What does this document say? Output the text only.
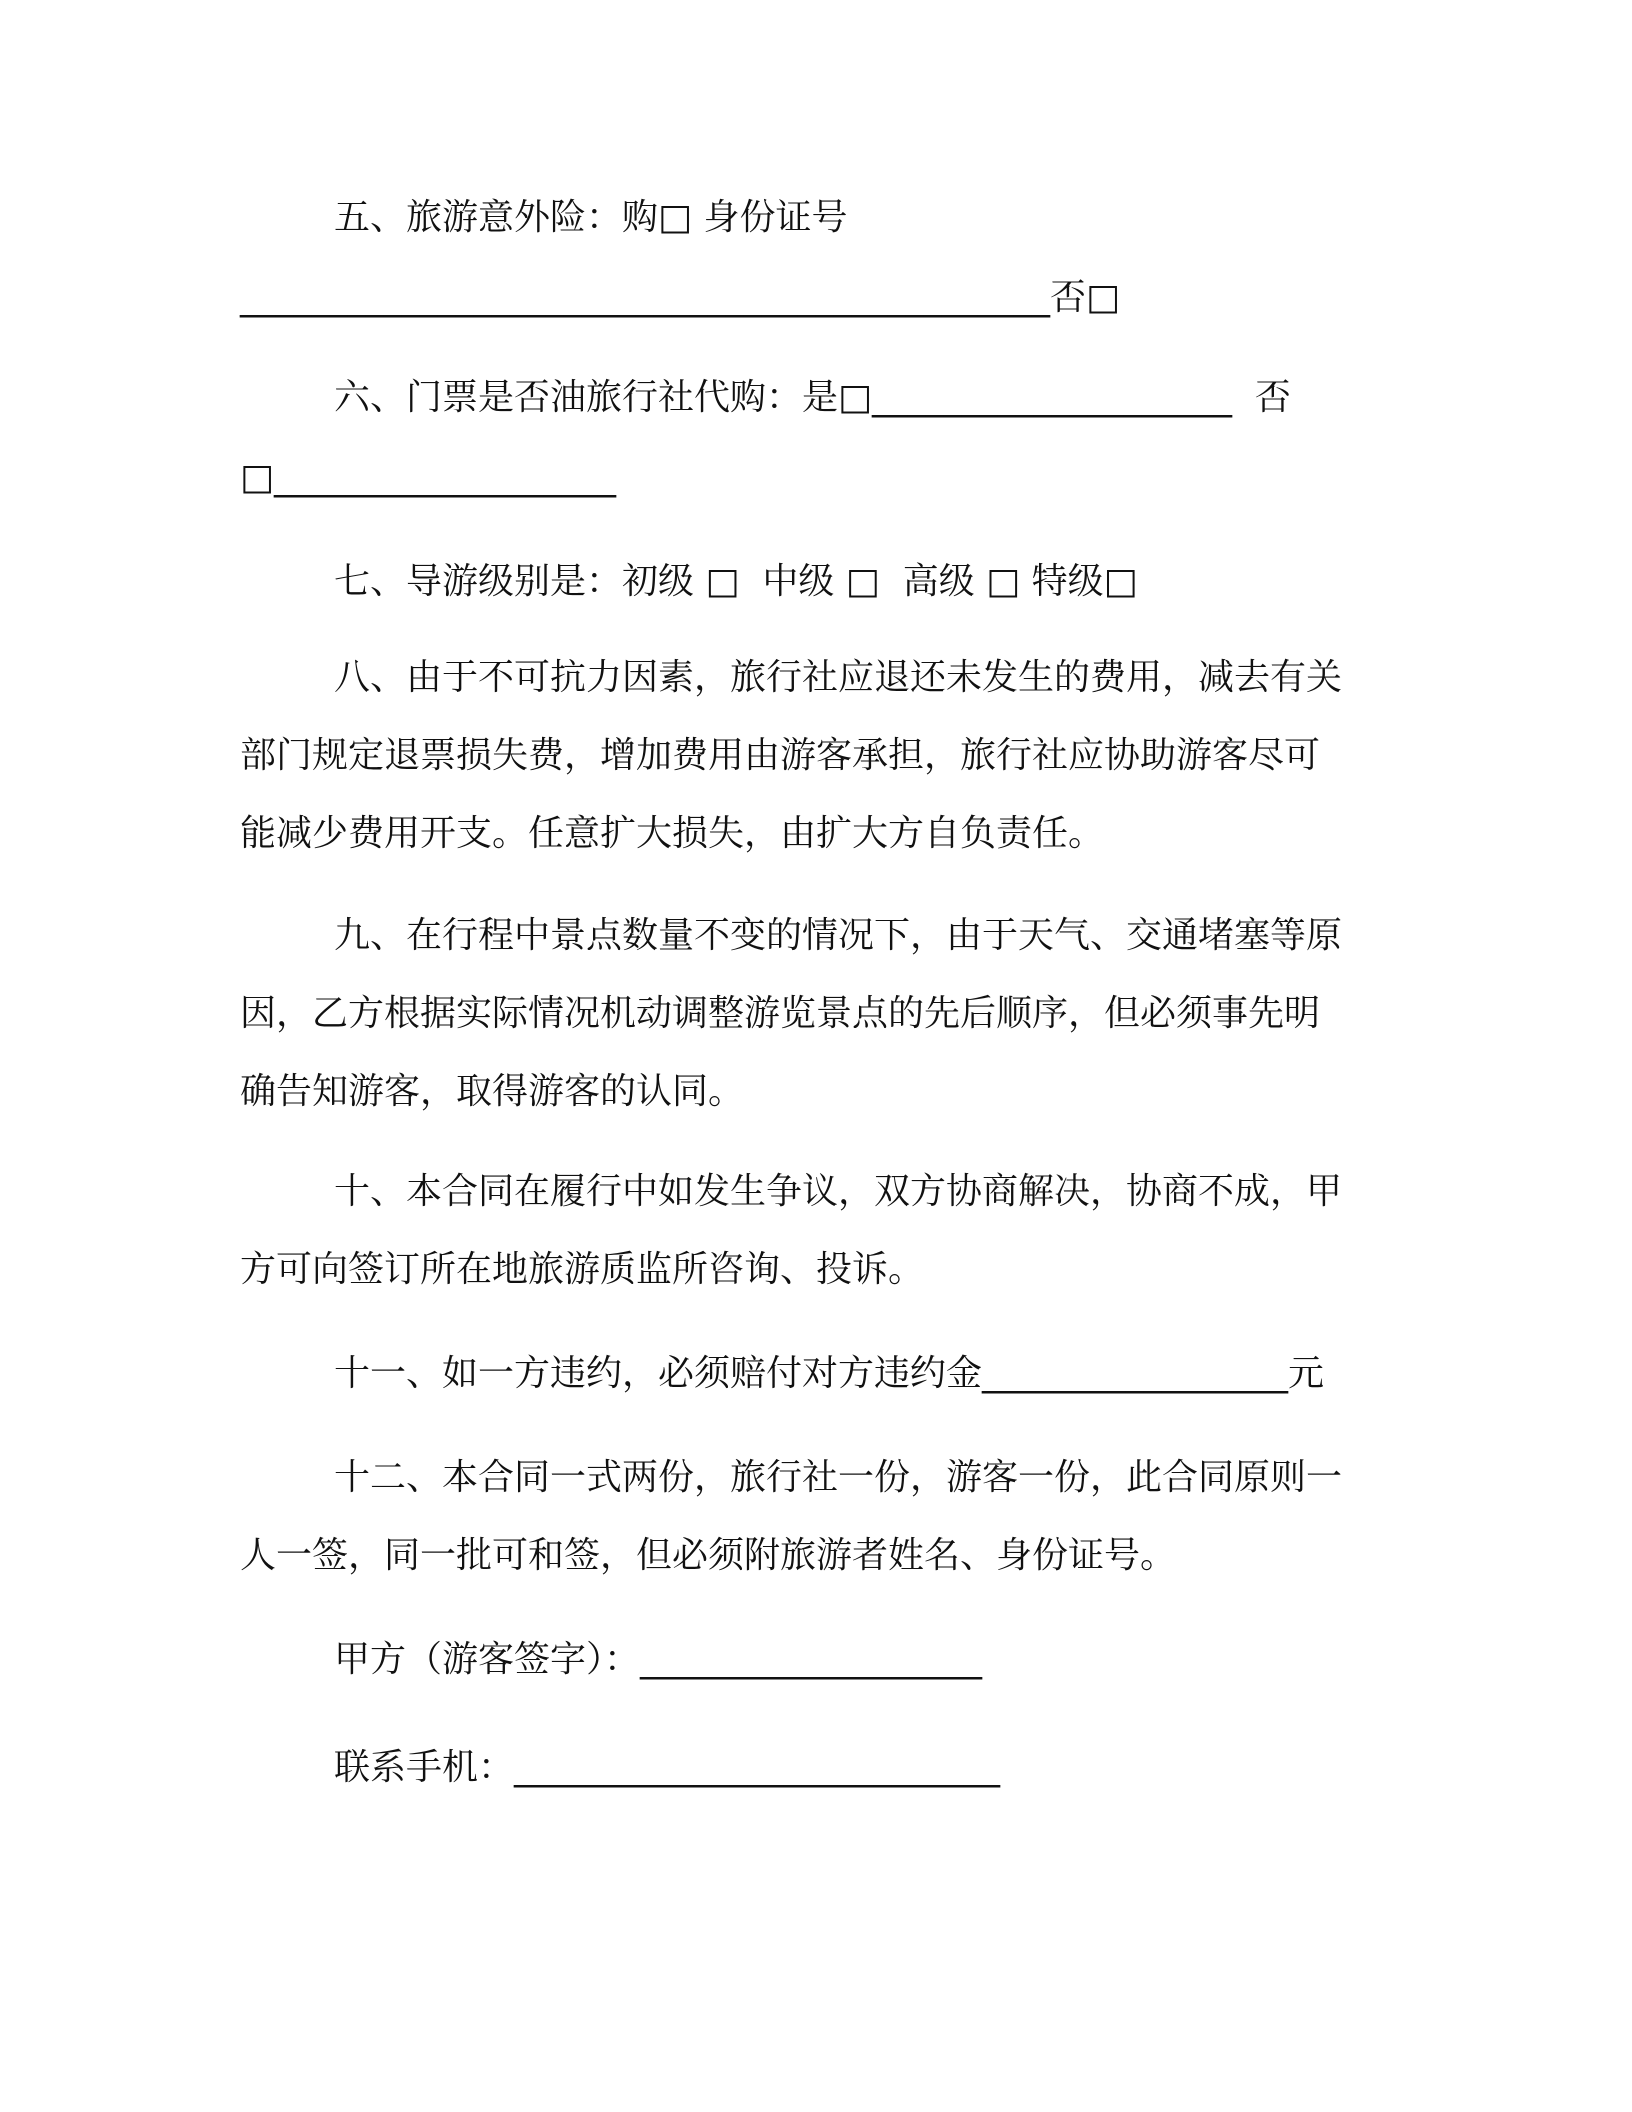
五、旅游意外险：购□ 身份证号
_____________________________________________否□
六、门票是否油旅行社代购：是□____________________  否
□___________________
七、导游级别是：初级 □  中级 □  高级 □ 特级□
八、由于不可抗力因素，旅行社应退还未发生的费用，减去有关
部门规定退票损失费，增加费用由游客承担，旅行社应协助游客尽可
能减少费用开支。任意扩大损失，由扩大方自负责任。
九、在行程中景点数量不变的情况下，由于天气、交通堵塞等原
因，乙方根据实际情况机动调整游览景点的先后顺序，但必须事先明
确告知游客，取得游客的认同。
十、本合同在履行中如发生争议，双方协商解决，协商不成，甲
方可向签订所在地旅游质监所咨询、投诉。
十一、如一方违约，必须赔付对方违约金_________________元
十二、本合同一式两份，旅行社一份，游客一份，此合同原则一
人一签，同一批可和签，但必须附旅游者姓名、身份证号。
甲方（游客签字）：___________________
联系手机：___________________________
